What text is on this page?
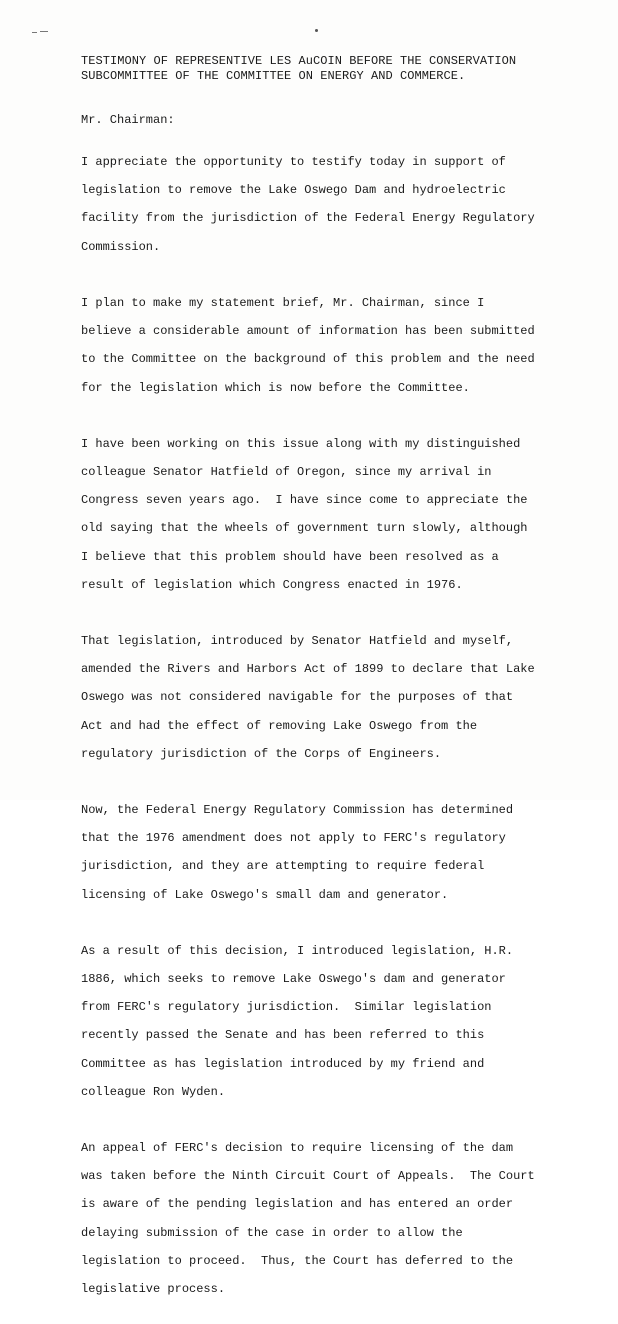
TESTIMONY OF REPRESENTIVE LES AuCOIN BEFORE THE CONSERVATION
SUBCOMMITTEE OF THE COMMITTEE ON ENERGY AND COMMERCE.
Mr. Chairman:

I appreciate the opportunity to testify today in support of

legislation to remove the Lake Oswego Dam and hydroelectric

facility from the jurisdiction of the Federal Energy Regulatory

Commission.

I plan to make my statement brief, Mr. Chairman, since I

believe a considerable amount of information has been submitted

to the Committee on the background of this problem and the need

for the legislation which is now before the Committee.

I have been working on this issue along with my distinguished

colleague Senator Hatfield of Oregon, since my arrival in

Congress seven years ago.  I have since come to appreciate the

old saying that the wheels of government turn slowly, although

I believe that this problem should have been resolved as a

result of legislation which Congress enacted in 1976.

That legislation, introduced by Senator Hatfield and myself,

amended the Rivers and Harbors Act of 1899 to declare that Lake

Oswego was not considered navigable for the purposes of that

Act and had the effect of removing Lake Oswego from the

regulatory jurisdiction of the Corps of Engineers.

Now, the Federal Energy Regulatory Commission has determined

that the 1976 amendment does not apply to FERC's regulatory

jurisdiction, and they are attempting to require federal

licensing of Lake Oswego's small dam and generator.

As a result of this decision, I introduced legislation, H.R.

1886, which seeks to remove Lake Oswego's dam and generator

from FERC's regulatory jurisdiction.  Similar legislation

recently passed the Senate and has been referred to this

Committee as has legislation introduced by my friend and

colleague Ron Wyden.

An appeal of FERC's decision to require licensing of the dam

was taken before the Ninth Circuit Court of Appeals.  The Court

is aware of the pending legislation and has entered an order

delaying submission of the case in order to allow the

legislation to proceed.  Thus, the Court has deferred to the

legislative process.
